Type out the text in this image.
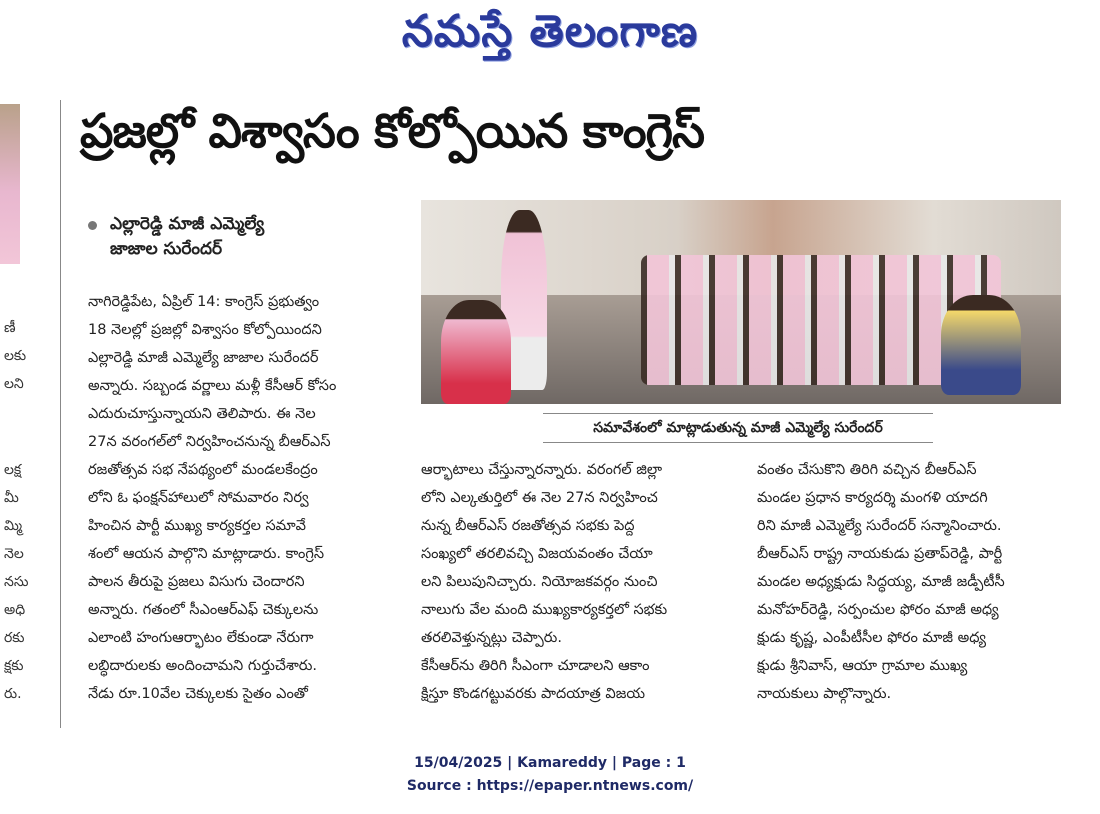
నమస్తే తెలంగాణ
ణీ
లకు
లని
లక్ష
మీ
మ్మి
నెల
నసు
అధి
రకు
క్షకు
రు.
ప్రజల్లో విశ్వాసం కోల్పోయిన కాంగ్రెస్
ఎల్లారెడ్డి మాజీ ఎమ్మెల్యే
జాజాల సురేందర్
సమావేశంలో మాట్లాడుతున్న మాజీ ఎమ్మెల్యే సురేందర్

నాగిరెడ్డిపేట, ఏప్రిల్ 14: కాంగ్రెస్ ప్రభుత్వం

18 నెలల్లో ప్రజల్లో విశ్వాసం కోల్పోయిందని

ఎల్లారెడ్డి మాజీ ఎమ్మెల్యే జాజాల సురేందర్

అన్నారు. సబ్బండ వర్ణాలు మళ్లీ కేసీఆర్ కోసం

ఎదురుచూస్తున్నాయని తెలిపారు. ఈ నెల

27న వరంగల్‌లో నిర్వహించనున్న బీఆర్ఎస్

రజతోత్సవ సభ నేపథ్యంలో మండలకేంద్రం

లోని ఓ ఫంక్షన్‌హాలులో సోమవారం నిర్వ

హించిన పార్టీ ముఖ్య కార్యకర్తల సమావే

శంలో ఆయన పాల్గొని మాట్లాడారు. కాంగ్రెస్

పాలన తీరుపై ప్రజలు విసుగు చెందారని

అన్నారు. గతంలో సీఎంఆర్ఎఫ్ చెక్కులను

ఎలాంటి హంగుఆర్భాటం లేకుండా నేరుగా

లబ్ధిదారులకు అందించామని గుర్తుచేశారు.

నేడు రూ.10వేల చెక్కులకు సైతం ఎంతో

ఆర్భాటాలు చేస్తున్నారన్నారు. వరంగల్ జిల్లా

లోని ఎల్కతుర్తిలో ఈ నెల 27న నిర్వహించ

నున్న బీఆర్ఎస్ రజతోత్సవ సభకు పెద్ద

సంఖ్యలో తరలివచ్చి విజయవంతం చేయా

లని పిలుపునిచ్చారు. నియోజకవర్గం నుంచి

నాలుగు వేల మంది ముఖ్యకార్యకర్తలో సభకు

తరలివెళ్తున్నట్లు చెప్పారు.

కేసీఆర్‌ను తిరిగి సీఎంగా చూడాలని ఆకాం

క్షిస్తూ కొండగట్టువరకు పాదయాత్ర విజయ

వంతం చేసుకొని తిరిగి వచ్చిన బీఆర్ఎస్

మండల ప్రధాన కార్యదర్శి మంగళి యాదగి

రిని మాజీ ఎమ్మెల్యే సురేందర్ సన్మానించారు.

బీఆర్ఎస్ రాష్ట్ర నాయకుడు ప్రతాప్‌రెడ్డి, పార్టీ

మండల అధ్యక్షుడు సిద్ధయ్య, మాజీ జడ్పీటీసీ

మనోహర్‌రెడ్డి, సర్పంచుల ఫోరం మాజీ అధ్య

క్షుడు కృష్ణ, ఎంపీటీసీల ఫోరం మాజీ అధ్య

క్షుడు శ్రీనివాస్, ఆయా గ్రామాల ముఖ్య

నాయకులు పాల్గొన్నారు.

15/04/2025 | Kamareddy | Page : 1
Source : https://epaper.ntnews.com/
